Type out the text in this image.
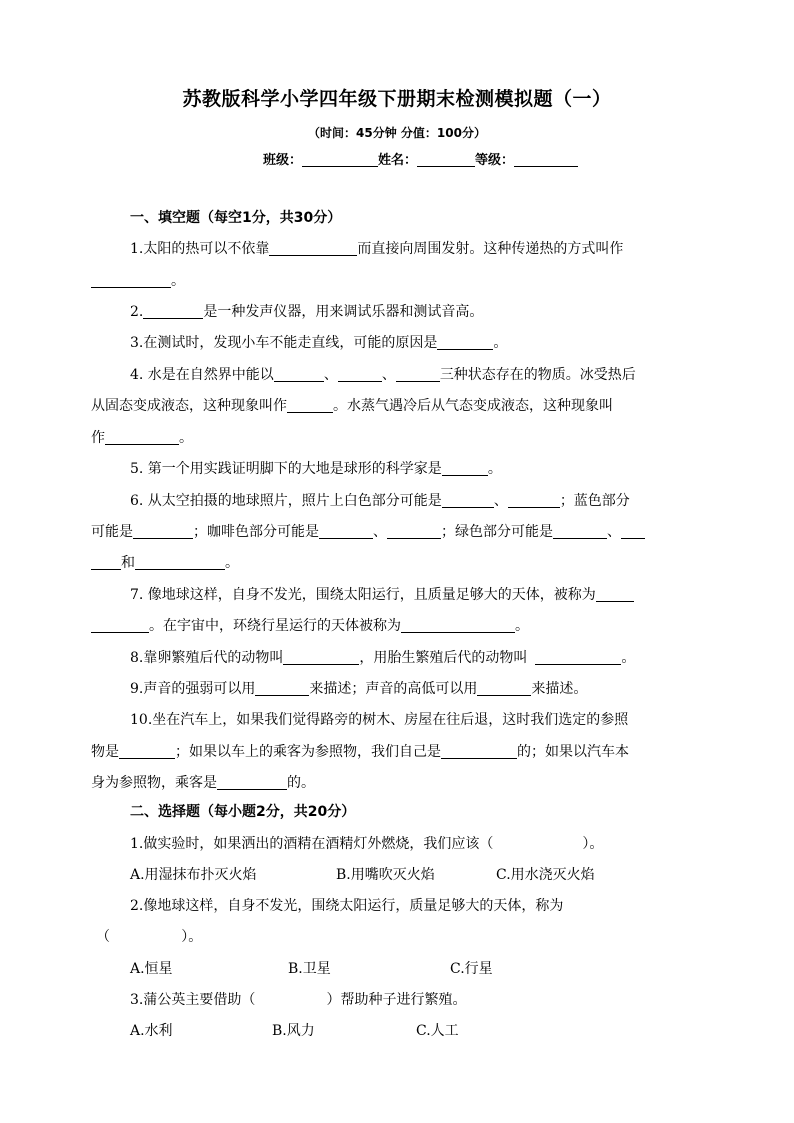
苏教版科学小学四年级下册期末检测模拟题（一）
（时间：45分钟 分值：100分）
班级：	姓名：	等级：
一、填空题（每空1分，共30分）
1.太阳的热可以不依靠	而直接向周围发射。这种传递热的方式叫作
。
2.	是一种发声仪器，用来调试乐器和测试音高。
3.在测试时，发现小车不能走直线，可能的原因是	。
4. 水是在自然界中能以	、	、	三种状态存在的物质。冰受热后
从固态变成液态，这种现象叫作	。水蒸气遇冷后从气态变成液态，这种现象叫
作	。
5. 第一个用实践证明脚下的大地是球形的科学家是	。
6. 从太空拍摄的地球照片，照片上白色部分可能是	、	；蓝色部分
可能是	；咖啡色部分可能是	、	；绿色部分可能是	、
和	。
7. 像地球这样，自身不发光，围绕太阳运行，且质量足够大的天体，被称为
。在宇宙中，环绕行星运行的天体被称为	。
8.靠卵繁殖后代的动物叫	，用胎生繁殖后代的动物叫	。
9.声音的强弱可以用	来描述；声音的高低可以用	来描述。
10.坐在汽车上，如果我们觉得路旁的树木、房屋在往后退，这时我们选定的参照
物是	；如果以车上的乘客为参照物，我们自己是	的；如果以汽车本
身为参照物，乘客是	的。
二、选择题（每小题2分，共20分）
1.做实验时，如果洒出的酒精在酒精灯外燃烧，我们应该（                    ）。
A.用湿抹布扑灭火焰	B.用嘴吹灭火焰	C.用水浇灭火焰
2.像地球这样，自身不发光，围绕太阳运行，质量足够大的天体，称为
（                ）。
A.恒星	B.卫星	C.行星
3.蒲公英主要借助（                ）帮助种子进行繁殖。
A.水利	B.风力	C.人工
